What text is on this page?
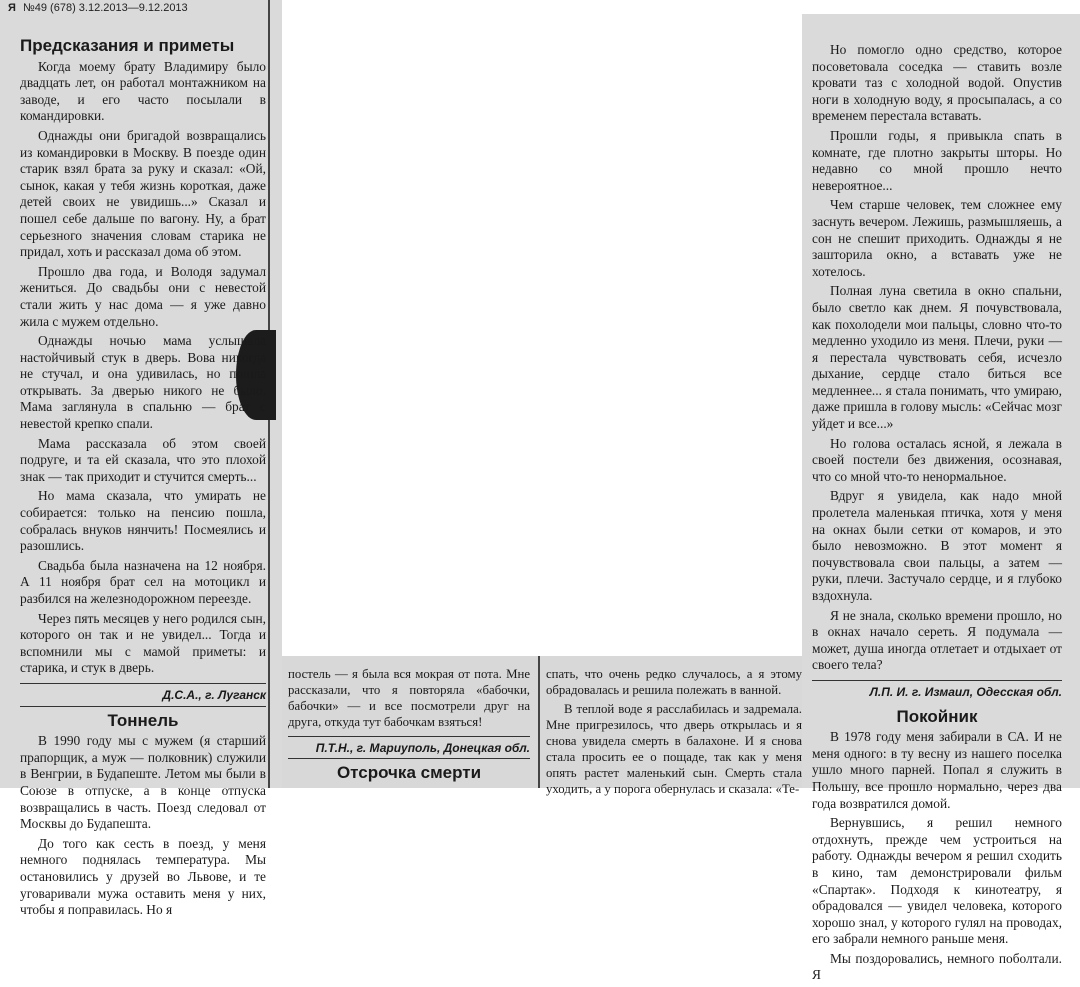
Я №49 (678) 3.12.2013—9.12.2013
Предсказания и приметы

Когда моему брату Владимиру было двадцать лет, он работал монтажником на заводе, и его часто посылали в командировки.

Однажды они бригадой возвращались из командировки в Москву. В поезде один старик взял брата за руку и сказал: «Ой, сынок, какая у тебя жизнь короткая, даже детей своих не увидишь...» Сказал и пошел себе дальше по вагону. Ну, а брат серьезного значения словам старика не придал, хоть и рассказал дома об этом.

Прошло два года, и Володя задумал жениться. До свадьбы они с невестой стали жить у нас дома — я уже давно жила с мужем отдельно.

Однажды ночью мама услышала настойчивый стук в дверь. Вова никогда не стучал, и она удивилась, но пошла открывать. За дверью никого не было. Мама заглянула в спальню — брат с невестой крепко спали.

Мама рассказала об этом своей подруге, и та ей сказала, что это плохой знак — так приходит и стучится смерть...

Но мама сказала, что умирать не собирается: только на пенсию пошла, собралась внуков нянчить! Посмеялись и разошлись.

Свадьба была назначена на 12 ноября. А 11 ноября брат сел на мотоцикл и разбился на железнодорожном переезде.

Через пять месяцев у него родился сын, которого он так и не увидел... Тогда и вспомнили мы с мамой приметы: и старика, и стук в дверь.

Д.С.А., г. Луганск
Тоннель

В 1990 году мы с мужем (я старший прапорщик, а муж — полковник) служили в Венгрии, в Будапеште. Летом мы были в Союзе в отпуске, а в конце отпуска возвращались в часть. Поезд следовал от Москвы до Будапешта.

До того как сесть в поезд, у меня немного поднялась температура. Мы остановились у друзей во Львове, и те уговаривали мужа оставить меня у них, чтобы я поправилась. Но я

постель — я была вся мокрая от пота. Мне рассказали, что я повторяла «бабочки, бабочки» — и все посмотрели друг на друга, откуда тут бабочкам взяться!

П.Т.Н., г. Мариуполь, Донецкая обл.
Отсрочка смерти

спать, что очень редко случалось, а я этому обрадовалась и решила полежать в ванной.

В теплой воде я расслабилась и задремала. Мне пригрезилось, что дверь открылась и я снова увидела смерть в балахоне. И я снова стала просить ее о пощаде, так как у меня опять растет маленький сын. Смерть стала уходить, а у порога обернулась и сказала: «Те-

Но помогло одно средство, которое посоветовала соседка — ставить возле кровати таз с холодной водой. Опустив ноги в холодную воду, я просыпалась, а со временем перестала вставать.

Прошли годы, я привыкла спать в комнате, где плотно закрыты шторы. Но недавно со мной прошло нечто невероятное...

Чем старше человек, тем сложнее ему заснуть вечером. Лежишь, размышляешь, а сон не спешит приходить. Однажды я не зашторила окно, а вставать уже не хотелось.

Полная луна светила в окно спальни, было светло как днем. Я почувствовала, как похолодели мои пальцы, словно что-то медленно уходило из меня. Плечи, руки — я перестала чувствовать себя, исчезло дыхание, сердце стало биться все медленнее... я стала понимать, что умираю, даже пришла в голову мысль: «Сейчас мозг уйдет и все...»

Но голова осталась ясной, я лежала в своей постели без движения, осознавая, что со мной что-то ненормальное.

Вдруг я увидела, как надо мной пролетела маленькая птичка, хотя у меня на окнах были сетки от комаров, и это было невозможно. В этот момент я почувствовала свои пальцы, а затем — руки, плечи. Застучало сердце, и я глубоко вздохнула.

Я не знала, сколько времени прошло, но в окнах начало сереть. Я подумала — может, душа иногда отлетает и отдыхает от своего тела?

Л.П. И. г. Измаил, Одесская обл.
Покойник

В 1978 году меня забирали в СА. И не меня одного: в ту весну из нашего поселка ушло много парней. Попал я служить в Польшу, все прошло нормально, через два года возвратился домой.

Вернувшись, я решил немного отдохнуть, прежде чем устроиться на работу. Однажды вечером я решил сходить в кино, там демонстрировали фильм «Спартак». Подходя к кинотеатру, я обрадовался — увидел человека, которого хорошо знал, у которого гулял на проводах, его забрали немного раньше меня.

Мы поздоровались, немного поболтали. Я
